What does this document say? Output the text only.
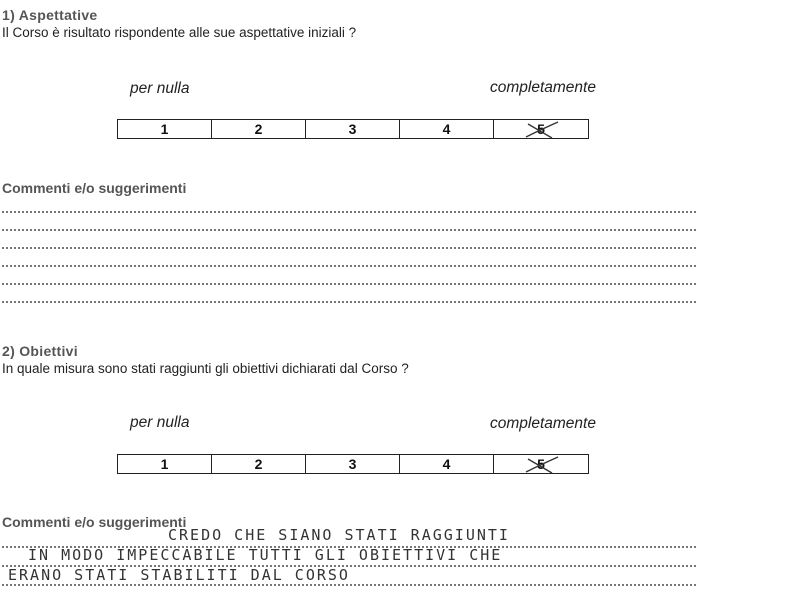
1) Aspettative
Il Corso è risultato rispondente alle sue aspettative iniziali ?
per nulla	completamente
1	2	3	4	5
Commenti e/o suggerimenti
2) Obiettivi
In quale misura sono stati raggiunti gli obiettivi dichiarati dal Corso ?
per nulla	completamente
1	2	3	4	5
Commenti e/o suggerimenti
CREDO CHE SIANO STATI RAGGIUNTI
IN MODO IMPECCABILE TUTTI GLI OBIETTIVI CHE
ERANO STATI STABILITI DAL CORSO
